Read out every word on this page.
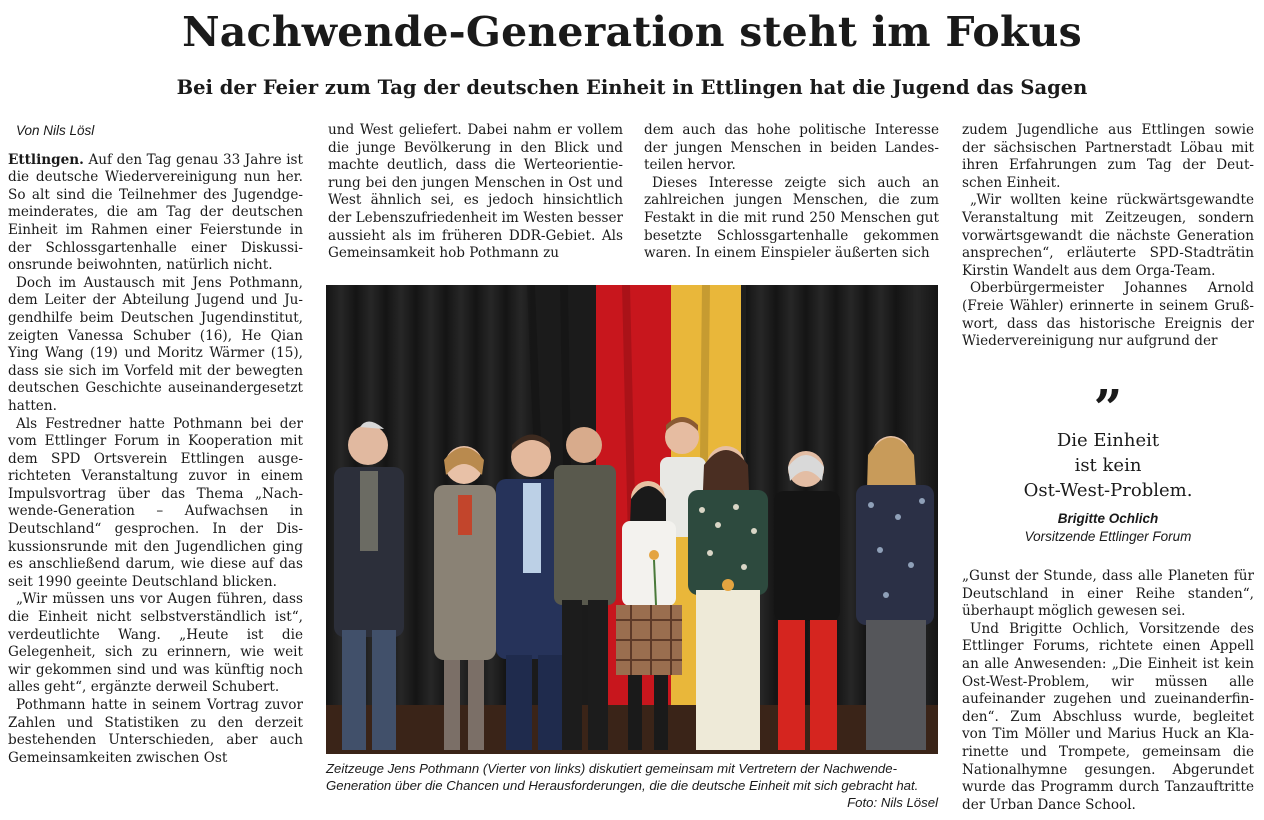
Nachwende-Generation steht im Fokus
Bei der Feier zum Tag der deutschen Einheit in Ettlingen hat die Jugend das Sagen

Von Nils Lösl

Ettlingen. Auf den Tag genau 33 Jahre ist die deutsche Wiedervereinigung nun her. So alt sind die Teilnehmer des Jugendgemeinderates, die am Tag der deutschen Einheit im Rahmen einer Feierstunde in der Schlossgartenhalle einer Diskussionsrunde beiwohnten, natürlich nicht.

Doch im Austausch mit Jens Pothmann, dem Leiter der Abteilung Jugend und Jugendhilfe beim Deutschen Jugendinstitut, zeigten Vanessa Schuber (16), He Qian Ying Wang (19) und Moritz Wärmer (15), dass sie sich im Vorfeld mit der bewegten deutschen Geschichte auseinandergesetzt hatten.

Als Festredner hatte Pothmann bei der vom Ettlinger Forum in Kooperation mit dem SPD Ortsverein Ettlingen ausgerichteten Veranstaltung zuvor in einem Impulsvortrag über das Thema „Nachwende-Generation – Aufwachsen in Deutschland“ gesprochen. In der Diskussionsrunde mit den Jugendlichen ging es anschließend darum, wie diese auf das seit 1990 geeinte Deutschland blicken.

„Wir müssen uns vor Augen führen, dass die Einheit nicht selbstverständlich ist“, verdeutlichte Wang. „Heute ist die Gelegenheit, sich zu erinnern, wie weit wir gekommen sind und was künftig noch alles geht“, ergänzte derweil Schubert.

Pothmann hatte in seinem Vortrag zuvor Zahlen und Statistiken zu den derzeit bestehenden Unterschieden, aber auch Gemeinsamkeiten zwischen Ost

und West geliefert. Dabei nahm er vollem die junge Bevölkerung in den Blick und machte deutlich, dass die Werteorientierung bei den jungen Menschen in Ost und West ähnlich sei, es jedoch hinsichtlich der Lebenszufriedenheit im Westen besser aussieht als im früheren DDR-Gebiet. Als Gemeinsamkeit hob Pothmann zu

dem auch das hohe politische Interesse der jungen Menschen in beiden Landesteilen hervor.

Dieses Interesse zeigte sich auch an zahlreichen jungen Menschen, die zum Festakt in die mit rund 250 Menschen gut besetzte Schlossgartenhalle gekommen waren. In einem Einspieler äußerten sich

zudem Jugendliche aus Ettlingen sowie der sächsischen Partnerstadt Löbau mit ihren Erfahrungen zum Tag der Deutschen Einheit.

„Wir wollten keine rückwärtsgewandte Veranstaltung mit Zeitzeugen, sondern vorwärtsgewandt die nächste Generation ansprechen“, erläuterte SPD-Stadträtin Kirstin Wandelt aus dem Orga-Team.

Oberbürgermeister Johannes Arnold (Freie Wähler) erinnerte in seinem Grußwort, dass das historische Ereignis der Wiedervereinigung nur aufgrund der

Zeitzeuge Jens Pothmann (Vierter von links) diskutiert gemeinsam mit Vertretern der Nachwende-Generation über die Chancen und Herausforderungen, die die deutsche Einheit mit sich gebracht hat.
Foto: Nils Lösel
”
Die Einheit
ist kein
Ost-West-Problem.
Brigitte Ochlich
Vorsitzende Ettlinger Forum

„Gunst der Stunde, dass alle Planeten für Deutschland in einer Reihe standen“, überhaupt möglich gewesen sei.

Und Brigitte Ochlich, Vorsitzende des Ettlinger Forums, richtete einen Appell an alle Anwesenden: „Die Einheit ist kein Ost-West-Problem, wir müssen alle aufeinander zugehen und zueinanderfinden“. Zum Abschluss wurde, begleitet von Tim Möller und Marius Huck an Klarinette und Trompete, gemeinsam die Nationalhymne gesungen. Abgerundet wurde das Programm durch Tanzauftritte der Urban Dance School.
